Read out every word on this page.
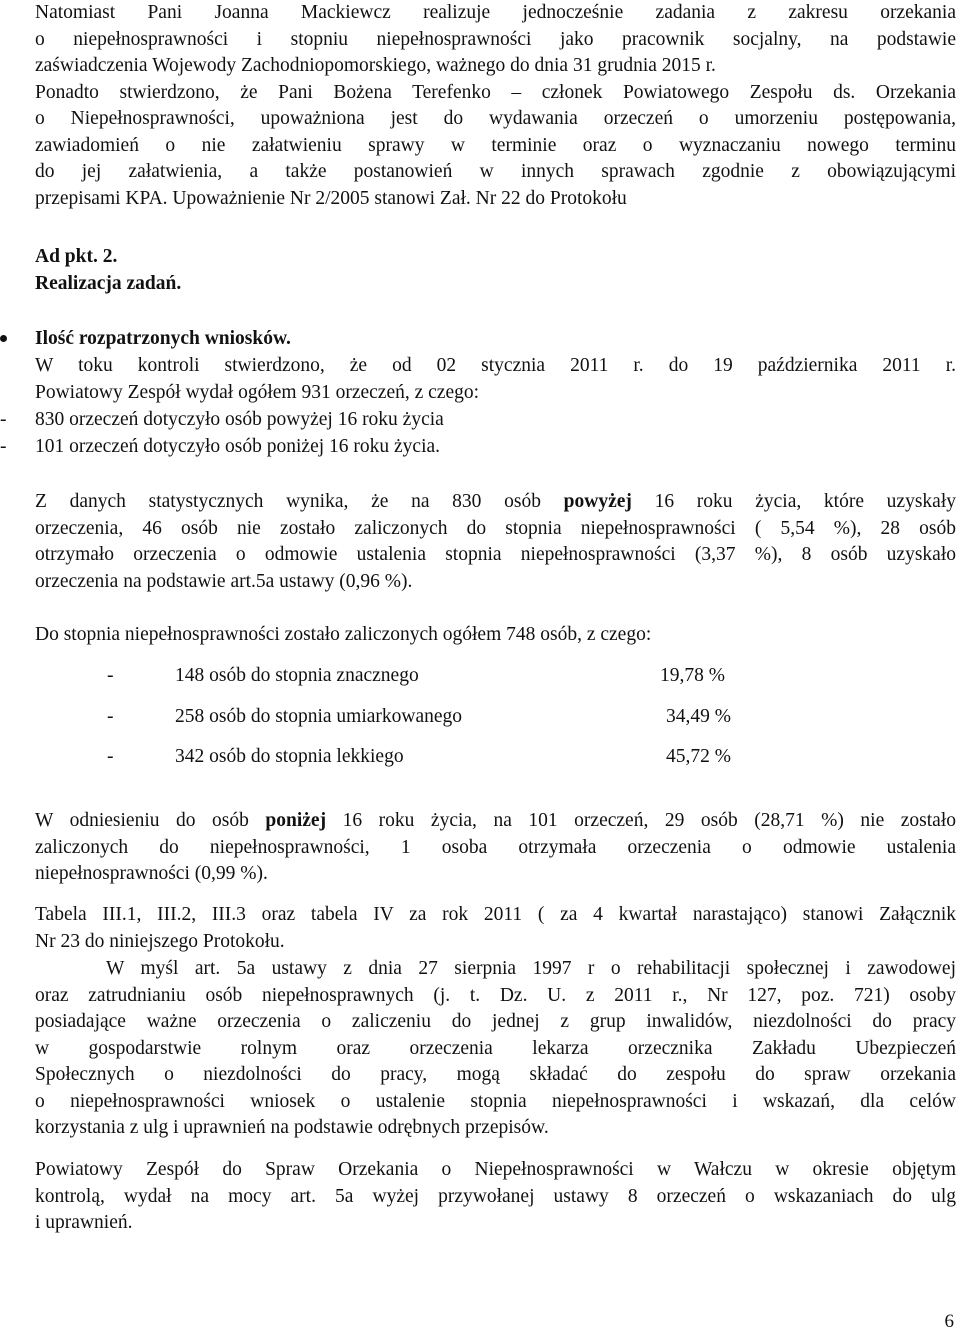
Natomiast Pani Joanna Mackiewcz realizuje jednocześnie zadania z zakresu orzekania
o niepełnosprawności i stopniu niepełnosprawności jako pracownik socjalny, na podstawie
zaświadczenia Wojewody Zachodniopomorskiego, ważnego do dnia 31 grudnia 2015 r.
Ponadto stwierdzono, że Pani Bożena Terefenko – członek Powiatowego Zespołu ds. Orzekania
o Niepełnosprawności, upoważniona jest do wydawania orzeczeń o umorzeniu postępowania,
zawiadomień o nie załatwieniu sprawy w terminie oraz o wyznaczaniu nowego terminu
do jej załatwienia, a także postanowień w innych sprawach zgodnie z obowiązującymi
przepisami KPA. Upoważnienie Nr 2/2005 stanowi Zał. Nr 22 do Protokołu
Ad pkt. 2.
Realizacja zadań.
Ilość rozpatrzonych wniosków.
W toku kontroli stwierdzono, że od 02 stycznia 2011 r. do 19 października 2011 r.
Powiatowy Zespół wydał ogółem 931 orzeczeń, z czego:
- 830 orzeczeń dotyczyło osób powyżej 16 roku życia
- 101 orzeczeń dotyczyło osób poniżej 16 roku życia.
Z danych statystycznych wynika, że na 830 osób powyżej 16 roku życia, które uzyskały
orzeczenia, 46 osób nie zostało zaliczonych do stopnia niepełnosprawności ( 5,54 %), 28 osób
otrzymało orzeczenia o odmowie ustalenia stopnia niepełnosprawności (3,37 %), 8 osób uzyskało
orzeczenia na podstawie art.5a ustawy (0,96 %).
Do stopnia niepełnosprawności zostało zaliczonych ogółem 748 osób, z czego:
-	148 osób do stopnia znacznego	19,78 %
-	258 osób do stopnia umiarkowanego	34,49 %
-	342 osób do stopnia lekkiego	45,72 %
W odniesieniu do osób poniżej 16 roku życia, na 101 orzeczeń, 29 osób (28,71 %) nie zostało
zaliczonych do niepełnosprawności, 1 osoba otrzymała orzeczenia o odmowie ustalenia
niepełnosprawności (0,99 %).
Tabela III.1, III.2, III.3 oraz tabela IV za rok 2011 ( za 4 kwartał narastająco) stanowi Załącznik
Nr 23 do niniejszego Protokołu.
W myśl art. 5a ustawy z dnia 27 sierpnia 1997 r o rehabilitacji społecznej i zawodowej
oraz zatrudnianiu osób niepełnosprawnych (j. t. Dz. U. z 2011 r., Nr 127, poz. 721) osoby
posiadające ważne orzeczenia o zaliczeniu do jednej z grup inwalidów, niezdolności do pracy
w gospodarstwie rolnym oraz orzeczenia lekarza orzecznika Zakładu Ubezpieczeń
Społecznych o niezdolności do pracy, mogą składać do zespołu do spraw orzekania
o niepełnosprawności wniosek o ustalenie stopnia niepełnosprawności i wskazań, dla celów
korzystania z ulg i uprawnień na podstawie odrębnych przepisów.
Powiatowy Zespół do Spraw Orzekania o Niepełnosprawności w Wałczu w okresie objętym
kontrolą, wydał na mocy art. 5a wyżej przywołanej ustawy 8 orzeczeń o wskazaniach do ulg
i uprawnień.
6
